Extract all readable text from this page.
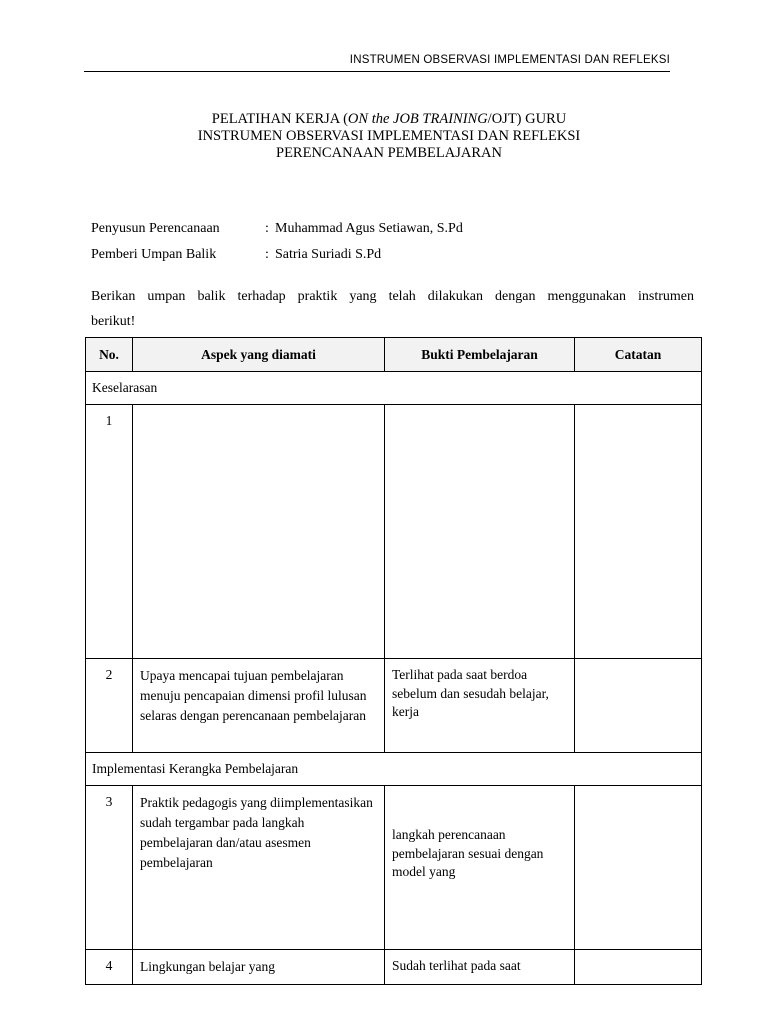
INSTRUMEN OBSERVASI IMPLEMENTASI DAN REFLEKSI
PELATIHAN KERJA (ON the JOB TRAINING/OJT) GURU
INSTRUMEN OBSERVASI IMPLEMENTASI DAN REFLEKSI
PERENCANAAN PEMBELAJARAN
Penyusun Perencanaan	: Muhammad Agus Setiawan, S.Pd
Pemberi Umpan Balik	: Satria Suriadi S.Pd
Berikan umpan balik terhadap praktik yang telah dilakukan dengan menggunakan instrumen
berikut!
No.	Aspek yang diamati	Bukti Pembelajaran	Catatan
Keselarasan			
1			
2	Upaya mencapai tujuan pembelajaran menuju pencapaian dimensi profil lulusan selaras dengan perencanaan pembelajaran	Terlihat pada saat berdoa sebelum dan sesudah belajar, kerja	
Implementasi Kerangka Pembelajaran			
3	Praktik pedagogis yang diimplementasikan sudah tergambar pada langkah pembelajaran dan/atau asesmen pembelajaran	langkah perencanaan pembelajaran sesuai dengan model yang	
4	Lingkungan belajar yang	Sudah terlihat pada saat	
